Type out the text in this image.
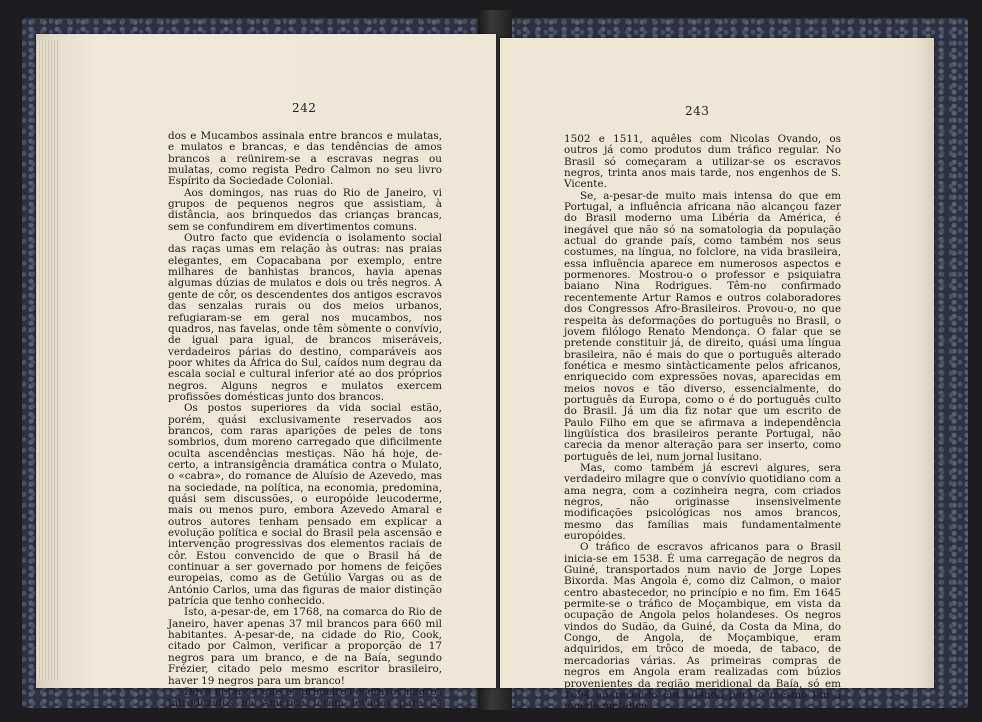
242	243

dos e Mucambos assinala entre brancos e mulatas, e mulatos e brancas, e das tendências de amos brancos a reünirem-se a escravas negras ou mulatas, como regista Pedro Calmon no seu livro Espírito da Sociedade Colonial.

Aos domingos, nas ruas do Rio de Janeiro, vi grupos de pequenos negros que assistiam, à distância, aos brinquedos das crianças brancas, sem se confundirem em divertimentos comuns.

Outro facto que evidencia o isolamento social das raças umas em relação às outras: nas praias elegantes, em Copacabana por exemplo, entre milhares de banhistas brancos, havia apenas algumas dúzias de mulatos e dois ou três negros. A gente de côr, os descendentes dos antigos escravos das senzalas rurais ou dos meios urbanos, refugiaram-se em geral nos mucambos, nos quadros, nas favelas, onde têm sòmente o convívio, de igual para igual, de brancos miseráveis, verdadeiros párias do destino, comparáveis aos poor whites da África do Sul, caídos num degrau da escala social e cultural inferior até ao dos próprios negros. Alguns negros e mulatos exercem profissões domésticas junto dos brancos.

Os postos superiores da vida social estão, porém, quási exclusivamente reservados aos brancos, com raras aparições de peles de tons sombrios, dum moreno carregado que dificilmente oculta ascendências mestiças. Não há hoje, de-certo, a intransigência dramática contra o Mulato, o «cabra», do romance de Aluísio de Azevedo, mas na sociedade, na política, na economia, predomina, quási sem discussões, o europóide leucoderme, mais ou menos puro, embora Azevedo Amaral e outros autores tenham pensado em explicar a evolução política e social do Brasil pela ascensão e intervenção progressivas dos elementos raciais de côr. Estou convencido de que o Brasil há de continuar a ser governado por homens de feições europeias, como as de Getúlio Vargas ou as de António Carlos, uma das figuras de maior distinção patrícia que tenho conhecido.

Isto, a-pesar-de, em 1768, na comarca do Rio de Janeiro, haver apenas 37 mil brancos para 660 mil habitantes. A-pesar-de, na cidade do Rio, Cook, citado por Calmon, verificar a proporção de 17 negros para um branco, e de na Baía, segundo Frézier, citado pelo mesmo escritor brasileiro, haver 19 negros para um branco!

Deve notar-se que os primeiros escravos negros introduzidos na América foram levados para as Antilhas em

1502 e 1511, aquêles com Nicolas Ovando, os outros já como produtos dum tráfico regular. No Brasil só começaram a utilizar-se os escravos negros, trinta anos mais tarde, nos engenhos de S. Vicente.

Se, a-pesar-de muito mais intensa do que em Portugal, a influência africana não alcançou fazer do Brasil moderno uma Libéria da América, é inegável que não só na somatologia da população actual do grande país, como também nos seus costumes, na língua, no folclore, na vida brasileira, essa influência aparece em numerosos aspectos e pormenores. Mostrou-o o professor e psiquiatra baiano Nina Rodrigues. Têm-no confirmado recentemente Artur Ramos e outros colaboradores dos Congressos Afro-Brasileiros. Provou-o, no que respeita às deformações do português no Brasil, o jovem filólogo Renato Mendonça. O falar que se pretende constituir já, de direito, quási uma língua brasileira, não é mais do que o português alterado fonética e mesmo sintàcticamente pelos africanos, enriquecido com expressões novas, aparecidas em meios novos e tão diverso, essencialmente, do português da Europa, como o é do português culto do Brasil. Já um dia fiz notar que um escrito de Paulo Filho em que se afirmava a independência lingüística dos brasileiros perante Portugal, não carecia da menor alteração para ser inserto, como português de lei, num jornal lusitano.

Mas, como também já escrevi algures, sera verdadeiro milagre que o convívio quotidiano com a ama negra, com a cozinheira negra, com criados negros, não originasse insensivelmente modificações psicológicas nos amos brancos, mesmo das famílias mais fundamentalmente europóides.

O tráfico de escravos africanos para o Brasil inicia-se em 1538. É uma carregação de negros da Guiné, transportados num navio de Jorge Lopes Bixorda. Mas Angola é, como diz Calmon, o maior centro abastecedor, no princípio e no fim. Em 1645 permite-se o tráfico de Moçambique, em vista da ocupação de Angola pelos holandeses. Os negros vindos do Sudão, da Guiné, da Costa da Mina, do Congo, de Angola, de Moçambique, eram adquiridos, em trôco de moeda, de tabaco, de mercadorias várias. As primeiras compras de negros em Angola eram realizadas com búzios provenientes da região meridional da Baía, só em 1694 aparecendo em Luanda para o mesmo fim a moeda metálica.
